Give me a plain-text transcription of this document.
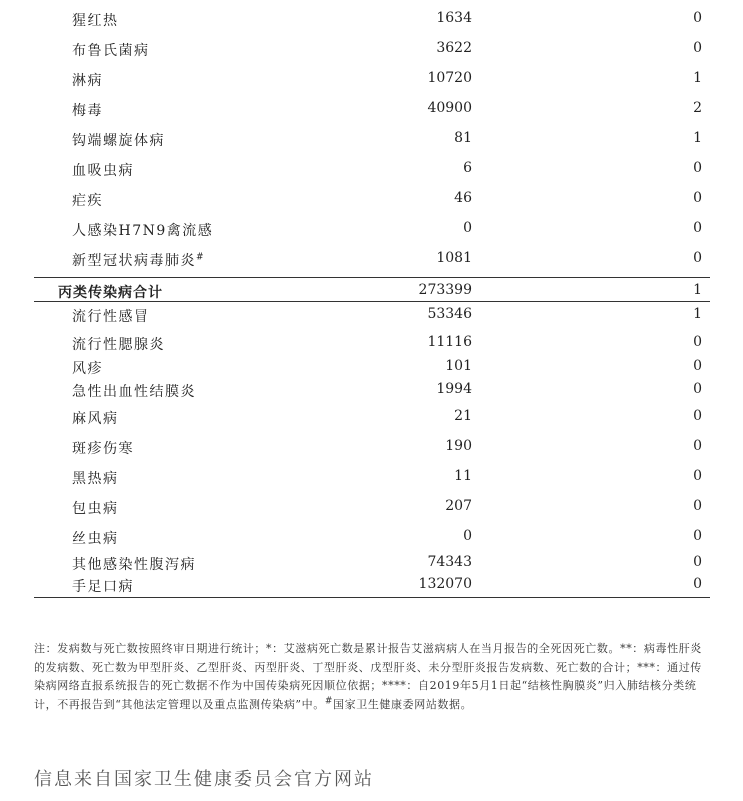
猩红热	1634	0
布鲁氏菌病	3622	0
淋病	10720	1
梅毒	40900	2
钩端螺旋体病	81	1
血吸虫病	6	0
疟疾	46	0
人感染H7N9禽流感	0	0
新型冠状病毒肺炎#	1081	0
丙类传染病合计	273399	1
流行性感冒	53346	1
流行性腮腺炎	11116	0
风疹	101	0
急性出血性结膜炎	1994	0
麻风病	21	0
斑疹伤寒	190	0
黑热病	11	0
包虫病	207	0
丝虫病	0	0
其他感染性腹泻病	74343	0
手足口病	132070	0

注：发病数与死亡数按照终审日期进行统计；*：艾滋病死亡数是累计报告艾滋病病人在当月报告的全死因死亡数。**：病毒性肝炎的发病数、死亡数为甲型肝炎、乙型肝炎、丙型肝炎、丁型肝炎、戊型肝炎、未分型肝炎报告发病数、死亡数的合计；***：通过传染病网络直报系统报告的死亡数据不作为中国传染病死因顺位依据；****：自2019年5月1日起“结核性胸膜炎”归入肺结核分类统计，不再报告到“其他法定管理以及重点监测传染病”中。#国家卫生健康委网站数据。

信息来自国家卫生健康委员会官方网站
